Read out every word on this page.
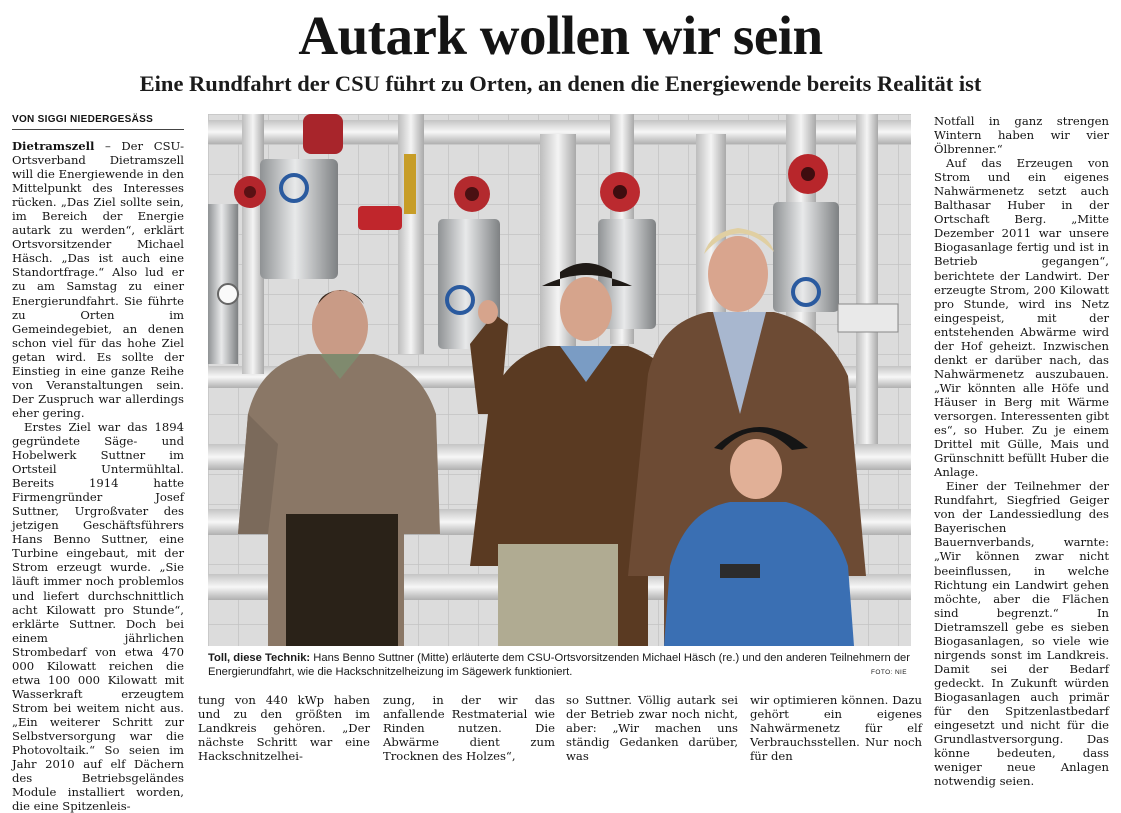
Autark wollen wir sein
Eine Rundfahrt der CSU führt zu Orten, an denen die Energiewende bereits Realität ist
VON SIGGI NIEDERGESÄSS

Dietramszell – Der CSU-Ortsverband Dietramszell will die Energiewende in den Mittelpunkt des Interesses rücken. „Das Ziel sollte sein, im Bereich der Energie autark zu werden“, erklärt Ortsvorsitzender Michael Häsch. „Das ist auch eine Standortfrage.“ Also lud er zu am Samstag zu einer Energierundfahrt. Sie führte zu Orten im Gemeindegebiet, an denen schon viel für das hohe Ziel getan wird. Es sollte der Einstieg in eine ganze Reihe von Veranstaltungen sein. Der Zuspruch war allerdings eher gering.

Erstes Ziel war das 1894 gegründete Säge- und Hobelwerk Suttner im Ortsteil Untermühltal. Bereits 1914 hatte Firmengründer Josef Suttner, Urgroßvater des jetzigen Geschäftsführers Hans Benno Suttner, eine Turbine eingebaut, mit der Strom erzeugt wurde. „Sie läuft immer noch problemlos und liefert durchschnittlich acht Kilowatt pro Stunde“, erklärte Suttner. Doch bei einem jährlichen Strombedarf von etwa 470 000 Kilowatt reichen die etwa 100 000 Kilowatt mit Wasserkraft erzeugtem Strom bei weitem nicht aus. „Ein weiterer Schritt zur Selbstversorgung war die Photovoltaik.“ So seien im Jahr 2010 auf elf Dächern des Betriebsgeländes Module installiert worden, die eine Spitzenleis-

Toll, diese Technik: Hans Benno Suttner (Mitte) erläuterte dem CSU-Ortsvorsitzenden Michael Häsch (re.) und den anderen Teilnehmern der Energierundfahrt, wie die Hackschnitzelheizung im Sägewerk funktioniert.	FOTO: NIE
tung von 440 kWp haben und zu den größten im Landkreis gehören. „Der nächste Schritt war eine Hackschnitzelhei-
zung, in der wir das anfallende Restmaterial wie Rinden nutzen. Die Abwärme dient zum Trocknen des Holzes“,
so Suttner. Völlig autark sei der Betrieb zwar noch nicht, aber: „Wir machen uns ständig Gedanken darüber, was
wir optimieren können. Dazu gehört ein eigenes Nahwärmenetz für elf Verbrauchsstellen. Nur noch für den

Notfall in ganz strengen Wintern haben wir vier Ölbrenner.“

Auf das Erzeugen von Strom und ein eigenes Nahwärmenetz setzt auch Balthasar Huber in der Ortschaft Berg. „Mitte Dezember 2011 war unsere Biogasanlage fertig und ist in Betrieb gegangen“, berichtete der Landwirt. Der erzeugte Strom, 200 Kilowatt pro Stunde, wird ins Netz eingespeist, mit der entstehenden Abwärme wird der Hof geheizt. Inzwischen denkt er darüber nach, das Nahwärmenetz auszubauen. „Wir könnten alle Höfe und Häuser in Berg mit Wärme versorgen. Interessenten gibt es“, so Huber. Zu je einem Drittel mit Gülle, Mais und Grünschnitt befüllt Huber die Anlage.

Einer der Teilnehmer der Rundfahrt, Siegfried Geiger von der Landessiedlung des Bayerischen Bauernverbands, warnte: „Wir können zwar nicht beeinflussen, in welche Richtung ein Landwirt gehen möchte, aber die Flächen sind begrenzt.“ In Dietramszell gebe es sieben Biogasanlagen, so viele wie nirgends sonst im Landkreis. Damit sei der Bedarf gedeckt. In Zukunft würden Biogasanlagen auch primär für den Spitzenlastbedarf eingesetzt und nicht für die Grundlastversorgung. Das könne bedeuten, dass weniger neue Anlagen notwendig seien.
